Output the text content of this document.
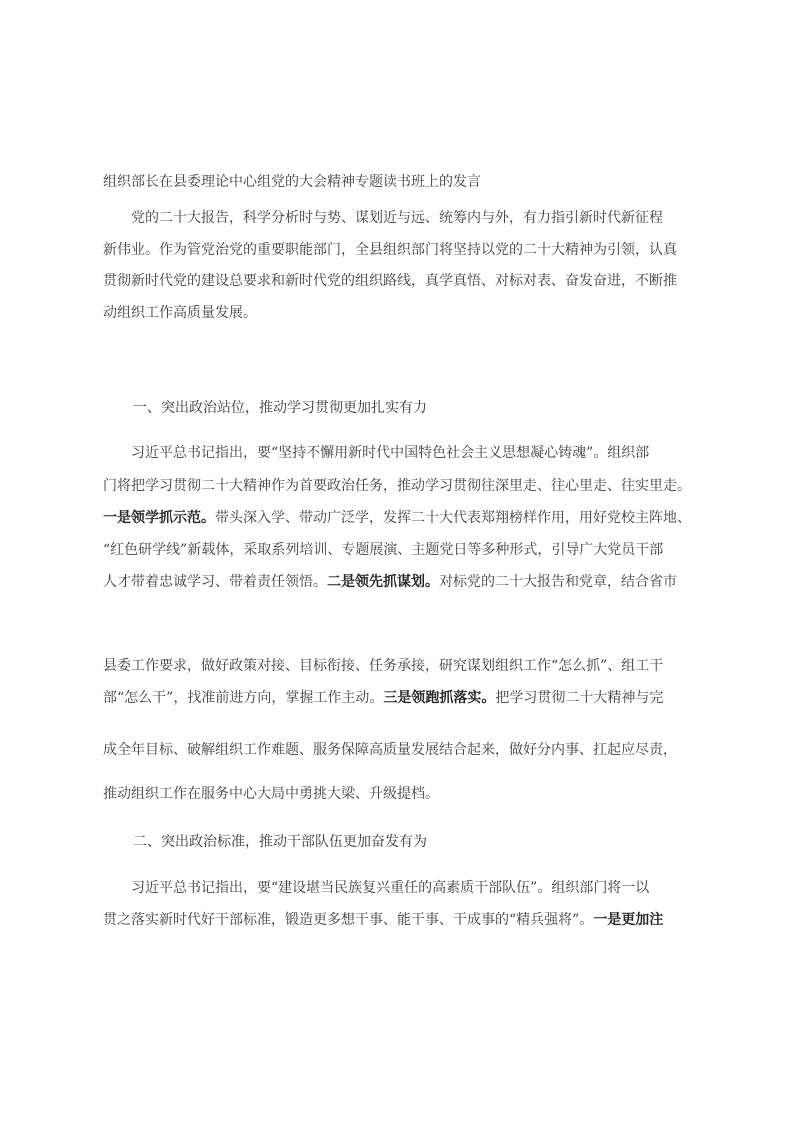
组织部长在县委理论中心组党的大会精神专题读书班上的发言
党的二十大报告，科学分析时与势、谋划近与远、统筹内与外，有力指引新时代新征程
新伟业。作为管党治党的重要职能部门，全县组织部门将坚持以党的二十大精神为引领，认真
贯彻新时代党的建设总要求和新时代党的组织路线，真学真悟、对标对表、奋发奋进，不断推
动组织工作高质量发展。
一、突出政治站位，推动学习贯彻更加扎实有力
习近平总书记指出，要“坚持不懈用新时代中国特色社会主义思想凝心铸魂”。组织部
门将把学习贯彻二十大精神作为首要政治任务，推动学习贯彻往深里走、往心里走、往实里走。
一是领学抓示范。带头深入学、带动广泛学，发挥二十大代表郑翔榜样作用，用好党校主阵地、
“红色研学线”新载体，采取系列培训、专题展演、主题党日等多种形式，引导广大党员干部
人才带着忠诚学习、带着责任领悟。二是领先抓谋划。对标党的二十大报告和党章，结合省市
县委工作要求，做好政策对接、目标衔接、任务承接，研究谋划组织工作“怎么抓”、组工干
部“怎么干”，找准前进方向，掌握工作主动。三是领跑抓落实。把学习贯彻二十大精神与完
成全年目标、破解组织工作难题、服务保障高质量发展结合起来，做好分内事、扛起应尽责，
推动组织工作在服务中心大局中勇挑大梁、升级提档。
二、突出政治标准，推动干部队伍更加奋发有为
习近平总书记指出，要“建设堪当民族复兴重任的高素质干部队伍”。组织部门将一以
贯之落实新时代好干部标准，锻造更多想干事、能干事、干成事的“精兵强将”。一是更加注
